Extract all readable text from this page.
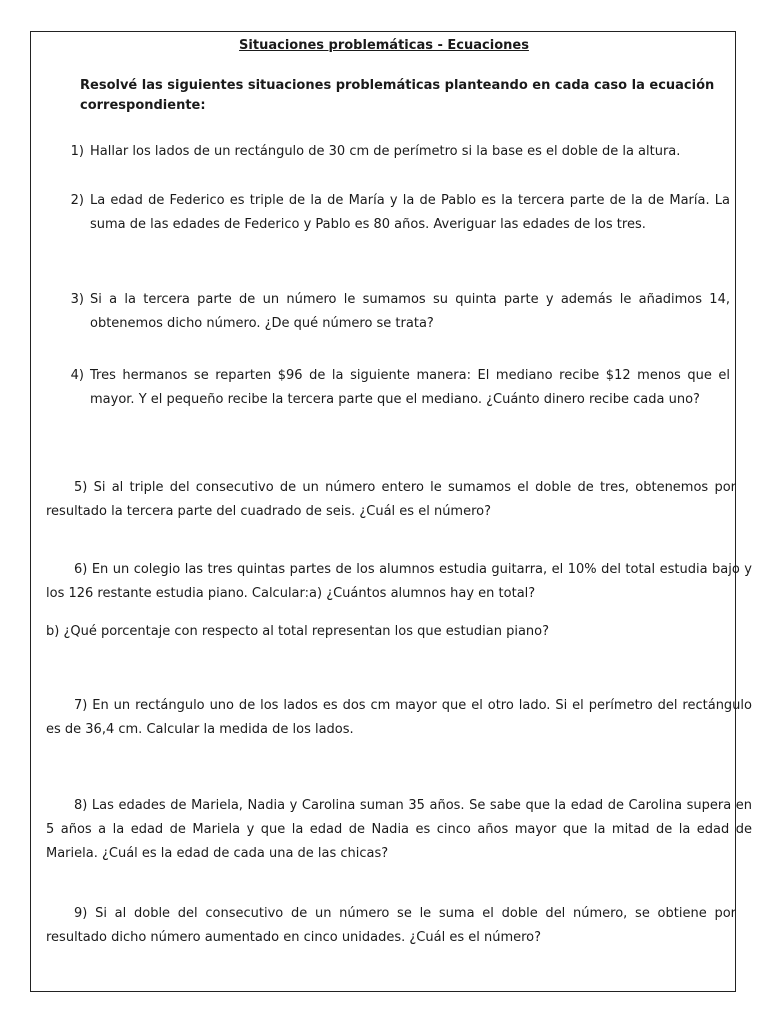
Situaciones problemáticas - Ecuaciones
Resolvé las siguientes situaciones problemáticas planteando en cada caso la ecuación correspondiente:
1) Hallar los lados de un rectángulo de 30 cm de perímetro si la base es el doble de la altura.
2) La edad de Federico es triple de la de María y la de Pablo es la tercera parte de la de María. La suma de las edades de Federico y Pablo es 80 años. Averiguar las edades de los tres.
3) Si a la tercera parte de un número le sumamos su quinta parte y además le añadimos 14, obtenemos dicho número. ¿De qué número se trata?
4) Tres hermanos se reparten $96 de la siguiente manera: El mediano recibe $12 menos que el mayor. Y el pequeño recibe la tercera parte que el mediano. ¿Cuánto dinero recibe cada uno?
5) Si al triple del consecutivo de un número entero le sumamos el doble de tres, obtenemos por resultado la tercera parte del cuadrado de seis. ¿Cuál es el número?
6) En un colegio las tres quintas partes de los alumnos estudia guitarra, el 10% del total estudia bajo y los 126 restante estudia piano. Calcular:a) ¿Cuántos alumnos hay en total?
b) ¿Qué porcentaje con respecto al total representan los que estudian piano?
7) En un rectángulo uno de los lados es dos cm mayor que el otro lado. Si el perímetro del rectángulo es de 36,4 cm. Calcular la medida de los lados.
8) Las edades de Mariela, Nadia y Carolina suman 35 años. Se sabe que la edad de Carolina supera en 5 años a la edad de Mariela y que la edad de Nadia es cinco años mayor que la mitad de la edad de Mariela. ¿Cuál es la edad de cada una de las chicas?
9) Si al doble del consecutivo de un número se le suma el doble del número, se obtiene por resultado dicho número aumentado en cinco unidades. ¿Cuál es el número?
